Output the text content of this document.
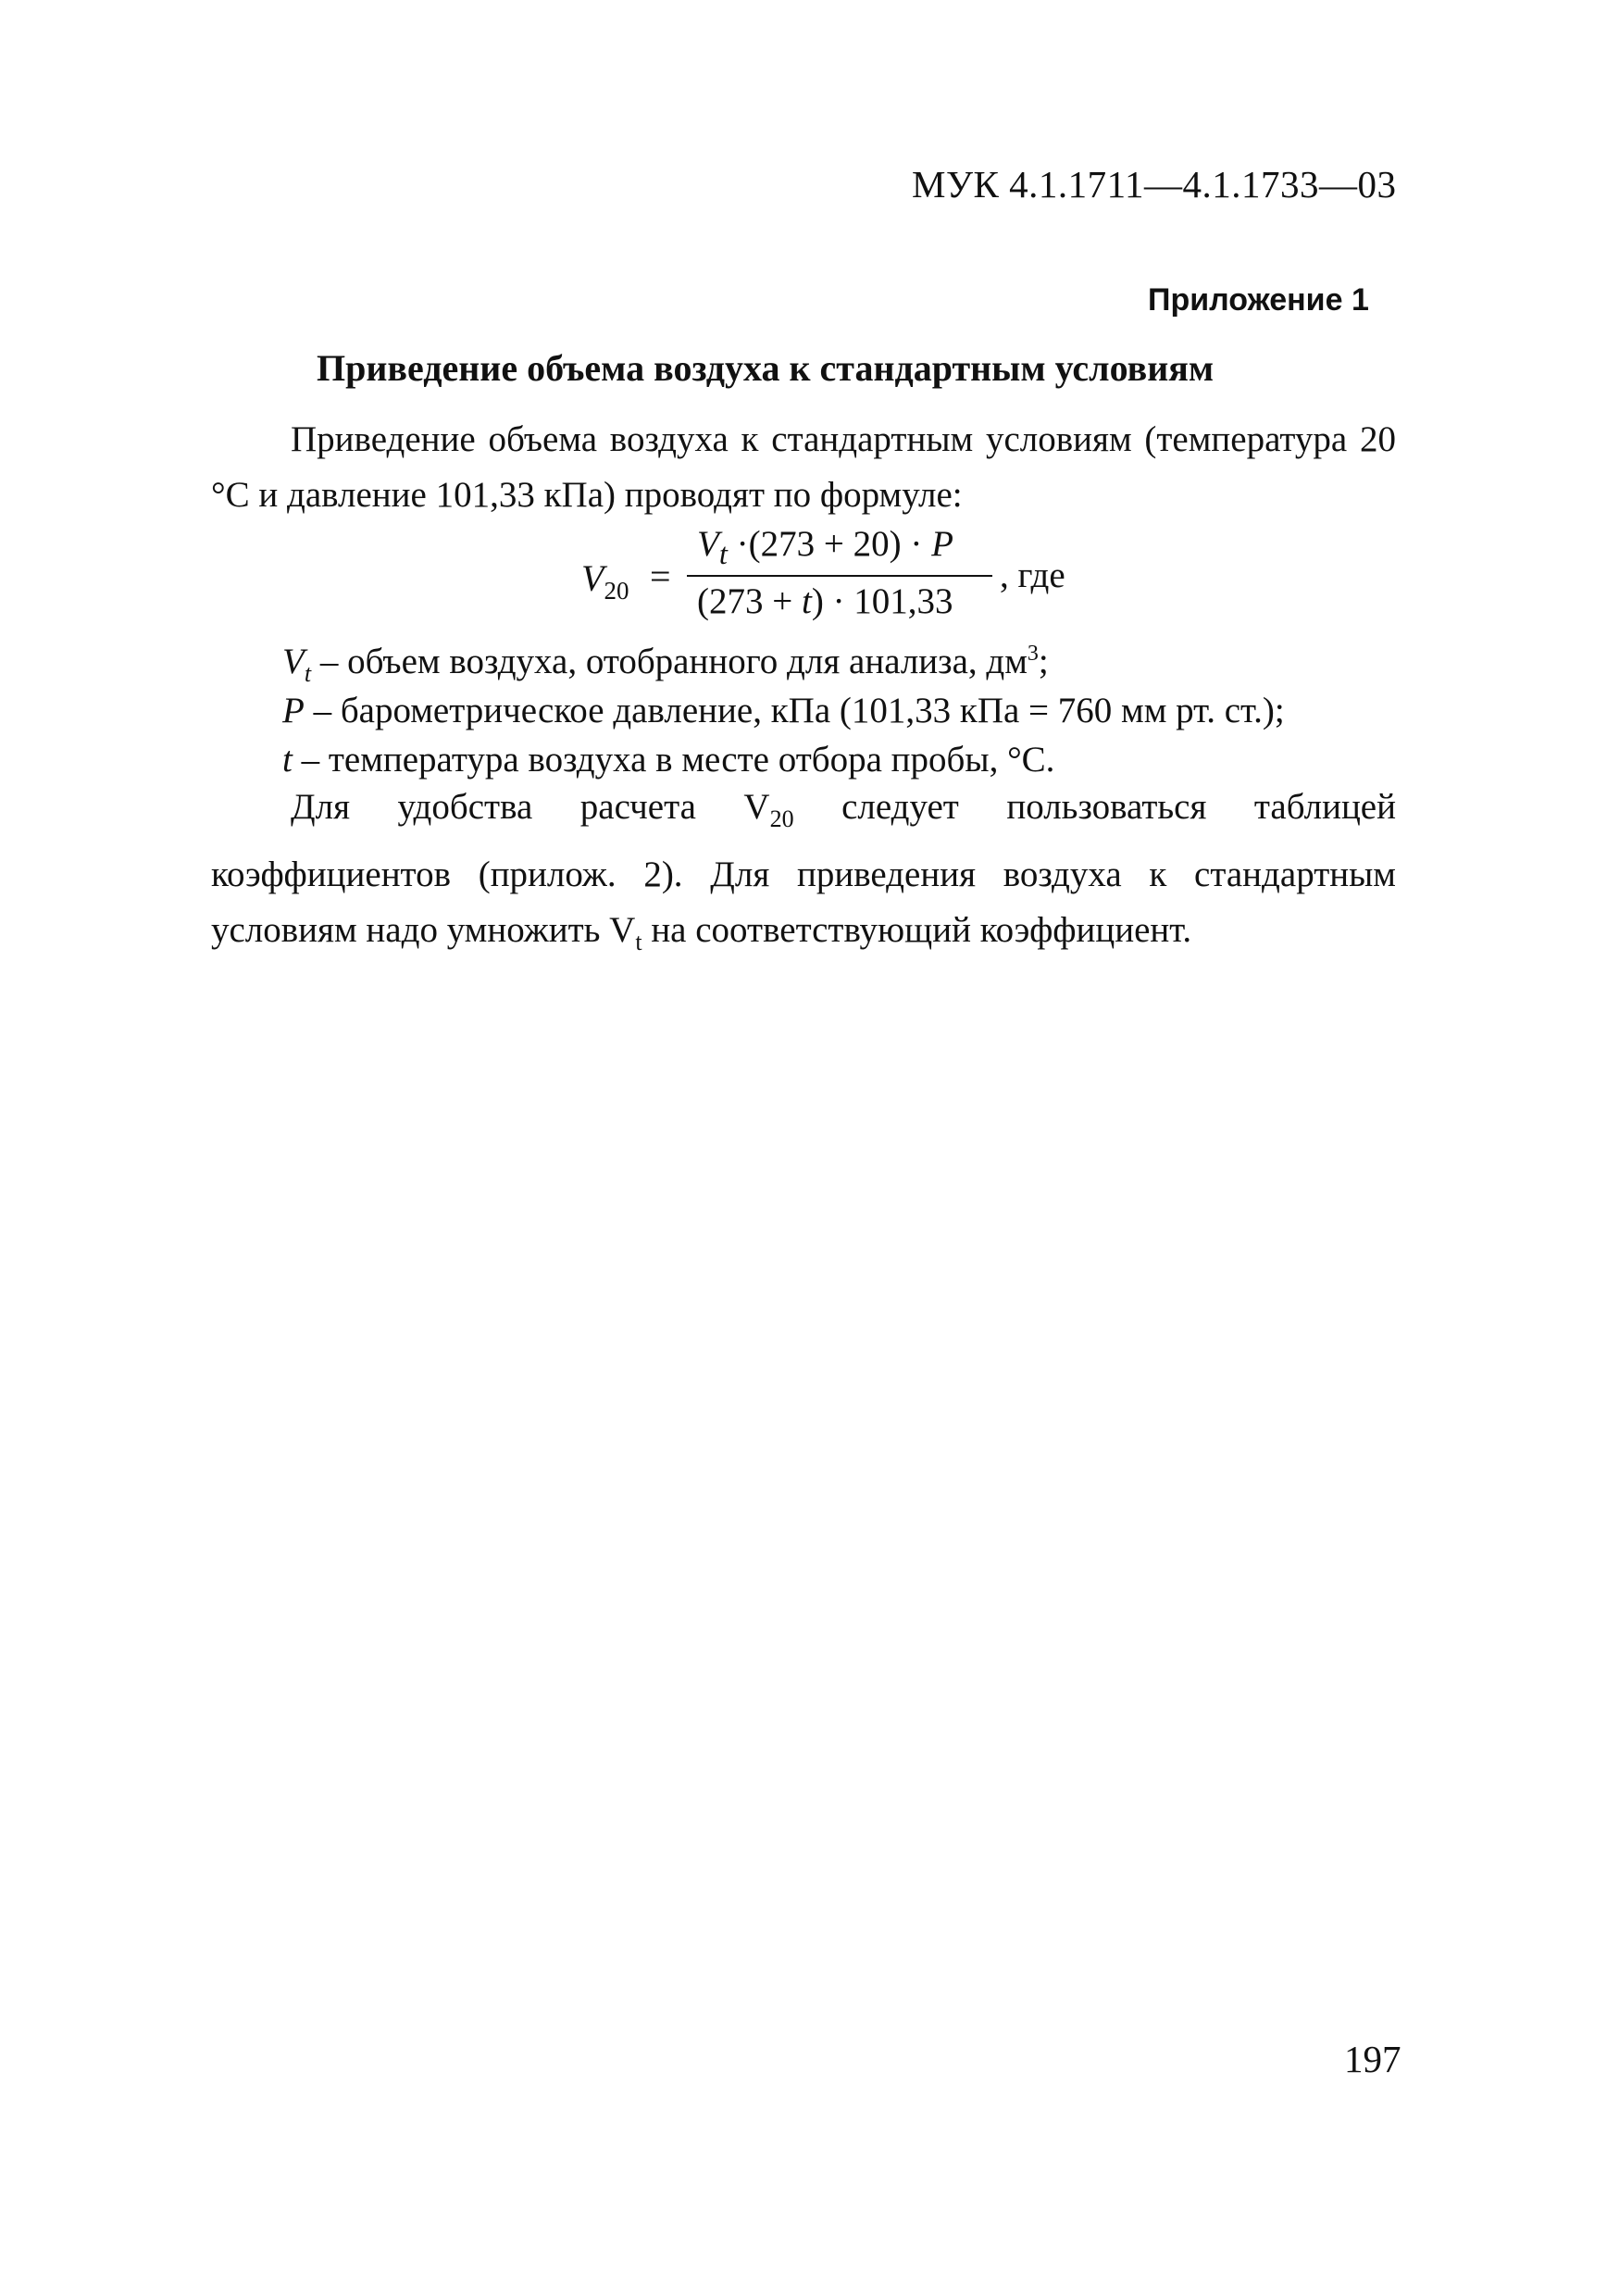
МУК 4.1.1711—4.1.1733—03
Приложение 1
Приведение объема воздуха к стандартным условиям
Приведение объема воздуха к стандартным условиям (температура 20 °С и давление 101,33 кПа) проводят по формуле:
$V_{20}$ =
$V_t \cdot(273 + 20) \cdot P$
(273 + t) · 101,33
, где
$V_t$ – объем воздуха, отобранного для анализа, $дм^3$;
P – барометрическое давление, кПа (101,33 кПа = 760 мм рт. ст.);
t – температура воздуха в месте отбора пробы, °С.
Для удобства расчета $V_{20}$ следует пользоваться таблицей коэффициентов (прилож. 2). Для приведения воздуха к стандартным условиям надо умножить $V_t$ на соответствующий коэффициент.
197
